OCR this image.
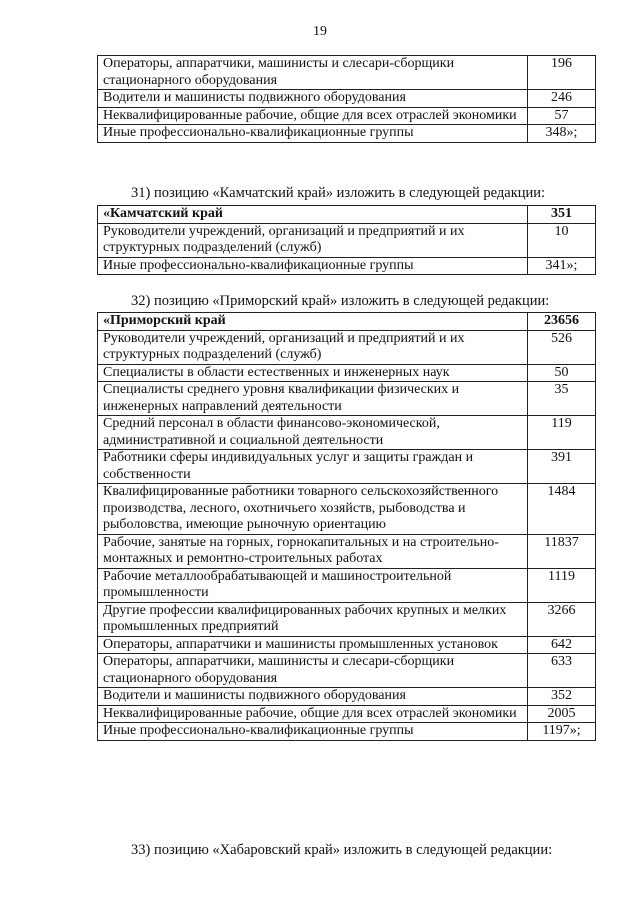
19
Операторы, аппаратчики, машинисты и слесари-сборщики стационарного оборудования	196
Водители и машинисты подвижного оборудования	246
Неквалифицированные рабочие, общие для всех отраслей экономики	57
Иные профессионально-квалификационные группы	348»;
31) позицию «Камчатский край» изложить в следующей редакции:
«Камчатский край	351
Руководители учреждений, организаций и предприятий и их структурных подразделений (служб)	10
Иные профессионально-квалификационные группы	341»;
32) позицию «Приморский край» изложить в следующей редакции:
«Приморский край	23656
Руководители учреждений, организаций и предприятий и их структурных подразделений (служб)	526
Специалисты в области естественных и инженерных наук	50
Специалисты среднего уровня квалификации физических и инженерных направлений деятельности	35
Средний персонал в области финансово-экономической, административной и социальной деятельности	119
Работники сферы индивидуальных услуг и защиты граждан и собственности	391
Квалифицированные работники товарного сельскохозяйственного производства, лесного, охотничьего хозяйств, рыбоводства и рыболовства, имеющие рыночную ориентацию	1484
Рабочие, занятые на горных, горнокапитальных и на строительно-монтажных и ремонтно-строительных работах	11837
Рабочие металлообрабатывающей и машиностроительной промышленности	1119
Другие профессии квалифицированных рабочих крупных и мелких промышленных предприятий	3266
Операторы, аппаратчики и машинисты промышленных установок	642
Операторы, аппаратчики, машинисты и слесари-сборщики стационарного оборудования	633
Водители и машинисты подвижного оборудования	352
Неквалифицированные рабочие, общие для всех отраслей экономики	2005
Иные профессионально-квалификационные группы	1197»;
33) позицию «Хабаровский край» изложить в следующей редакции:
